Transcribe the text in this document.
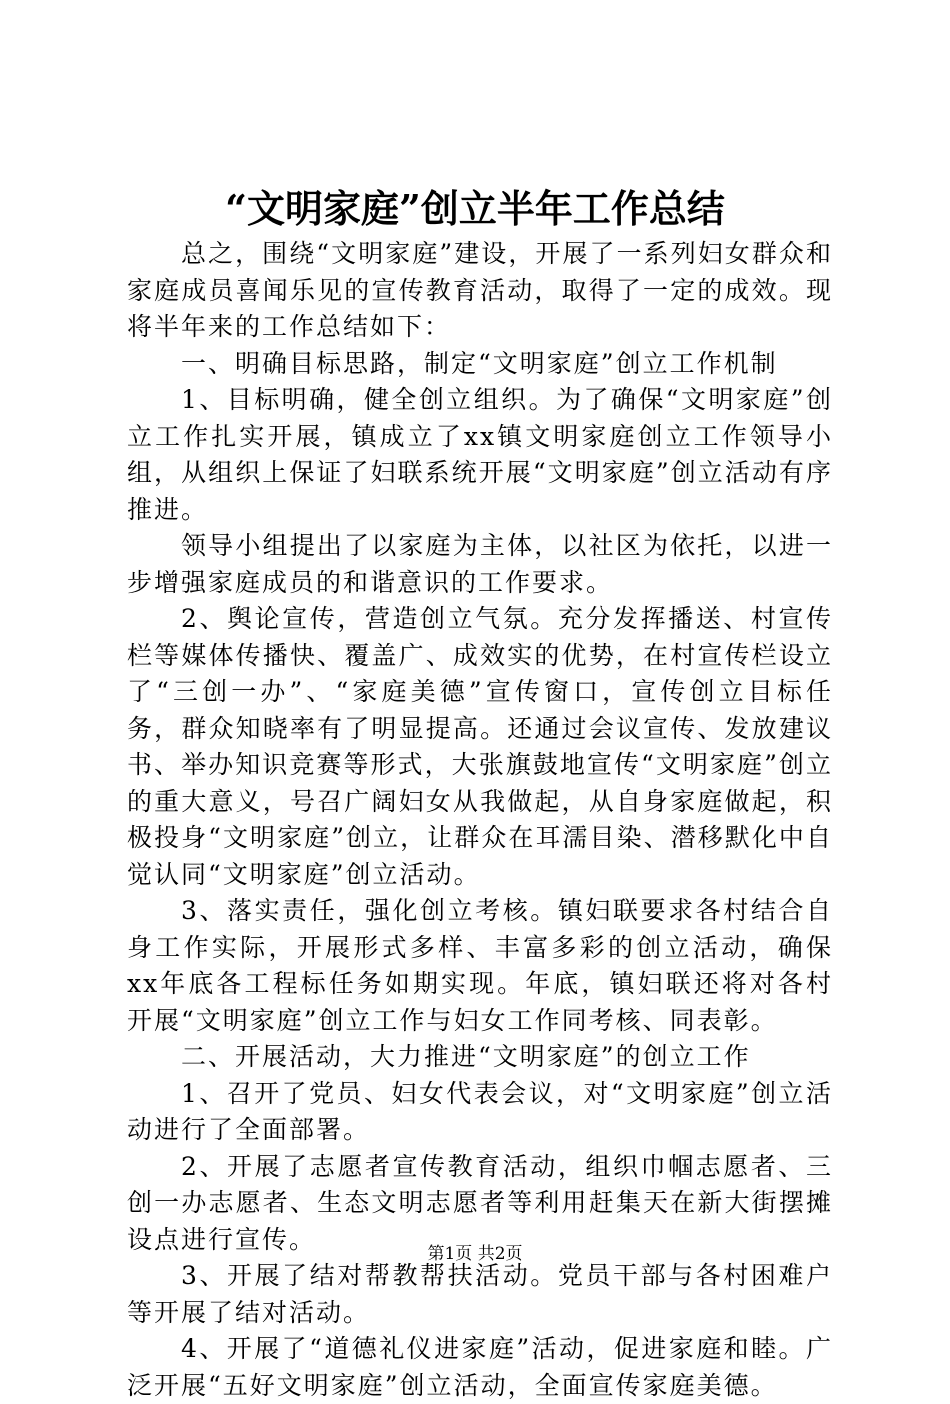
“文明家庭”创立半年工作总结

总之，围绕“文明家庭”建设，开展了一系列妇女群众和家庭成员喜闻乐见的宣传教育活动，取得了一定的成效。现将半年来的工作总结如下：

一、明确目标思路，制定“文明家庭”创立工作机制

1、目标明确，健全创立组织。为了确保“文明家庭”创立工作扎实开展，镇成立了xx镇文明家庭创立工作领导小组，从组织上保证了妇联系统开展“文明家庭”创立活动有序推进。

领导小组提出了以家庭为主体，以社区为依托，以进一步增强家庭成员的和谐意识的工作要求。

2、舆论宣传，营造创立气氛。充分发挥播送、村宣传栏等媒体传播快、覆盖广、成效实的优势，在村宣传栏设立了“三创一办”、“家庭美德”宣传窗口，宣传创立目标任务，群众知晓率有了明显提高。还通过会议宣传、发放建议书、举办知识竞赛等形式，大张旗鼓地宣传“文明家庭”创立的重大意义，号召广阔妇女从我做起，从自身家庭做起，积极投身“文明家庭”创立，让群众在耳濡目染、潜移默化中自觉认同“文明家庭”创立活动。

3、落实责任，强化创立考核。镇妇联要求各村结合自身工作实际，开展形式多样、丰富多彩的创立活动，确保xx年底各工程标任务如期实现。年底，镇妇联还将对各村开展“文明家庭”创立工作与妇女工作同考核、同表彰。

二、开展活动，大力推进“文明家庭”的创立工作

1、召开了党员、妇女代表会议，对“文明家庭”创立活动进行了全面部署。

2、开展了志愿者宣传教育活动，组织巾帼志愿者、三创一办志愿者、生态文明志愿者等利用赶集天在新大街摆摊设点进行宣传。

3、开展了结对帮教帮扶活动。党员干部与各村困难户等开展了结对活动。

4、开展了“道德礼仪进家庭”活动，促进家庭和睦。广泛开展“五好文明家庭”创立活动，全面宣传家庭美德。

第1页 共2页
